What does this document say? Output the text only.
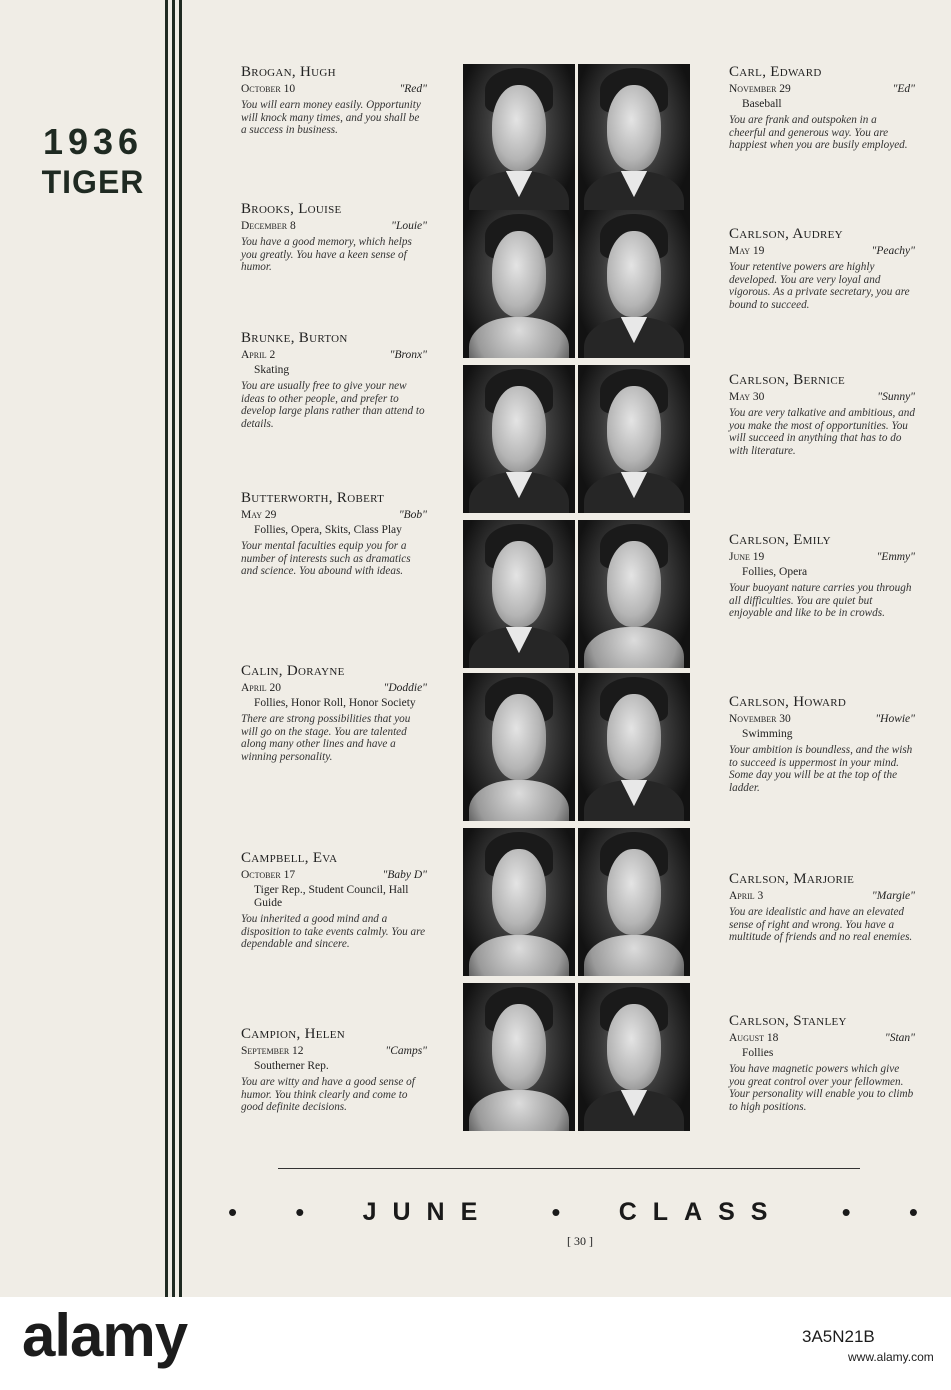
1936
TIGER
Brogan, Hugh
October 10	"Red"
You will earn money easily. Opportunity will knock many times, and you shall be a success in business.
Brooks, Louise
December 8	"Louie"
You have a good memory, which helps you greatly. You have a keen sense of humor.
Brunke, Burton
April 2	"Bronx"
Skating
You are usually free to give your new ideas to other people, and prefer to develop large plans rather than attend to details.
Butterworth, Robert
May 29	"Bob"
Follies, Opera, Skits, Class Play
Your mental faculties equip you for a number of interests such as dramatics and science. You abound with ideas.
Calin, Dorayne
April 20	"Doddie"
Follies, Honor Roll, Honor Society
There are strong possibilities that you will go on the stage. You are talented along many other lines and have a winning personality.
Campbell, Eva
October 17	"Baby D"
Tiger Rep., Student Council, Hall Guide
You inherited a good mind and a disposition to take events calmly. You are dependable and sincere.
Campion, Helen
September 12	"Camps"
Southerner Rep.
You are witty and have a good sense of humor. You think clearly and come to good definite decisions.
Carl, Edward
November 29	"Ed"
Baseball
You are frank and outspoken in a cheerful and generous way. You are happiest when you are busily employed.
Carlson, Audrey
May 19	"Peachy"
Your retentive powers are highly developed. You are very loyal and vigorous. As a private secretary, you are bound to succeed.
Carlson, Bernice
May 30	"Sunny"
You are very talkative and ambitious, and you make the most of opportunities. You will succeed in anything that has to do with literature.
Carlson, Emily
June 19	"Emmy"
Follies, Opera
Your buoyant nature carries you through all difficulties. You are quiet but enjoyable and like to be in crowds.
Carlson, Howard
November 30	"Howie"
Swimming
Your ambition is boundless, and the wish to succeed is uppermost in your mind. Some day you will be at the top of the ladder.
Carlson, Marjorie
April 3	"Margie"
You are idealistic and have an elevated sense of right and wrong. You have a multitude of friends and no real enemies.
Carlson, Stanley
August 18	"Stan"
Follies
You have magnetic powers which give you great control over your fellowmen. Your personality will enable you to climb to high positions.
• • JUNE • CLASS • •
[ 30 ]
alamy	3A5N21B
www.alamy.com
